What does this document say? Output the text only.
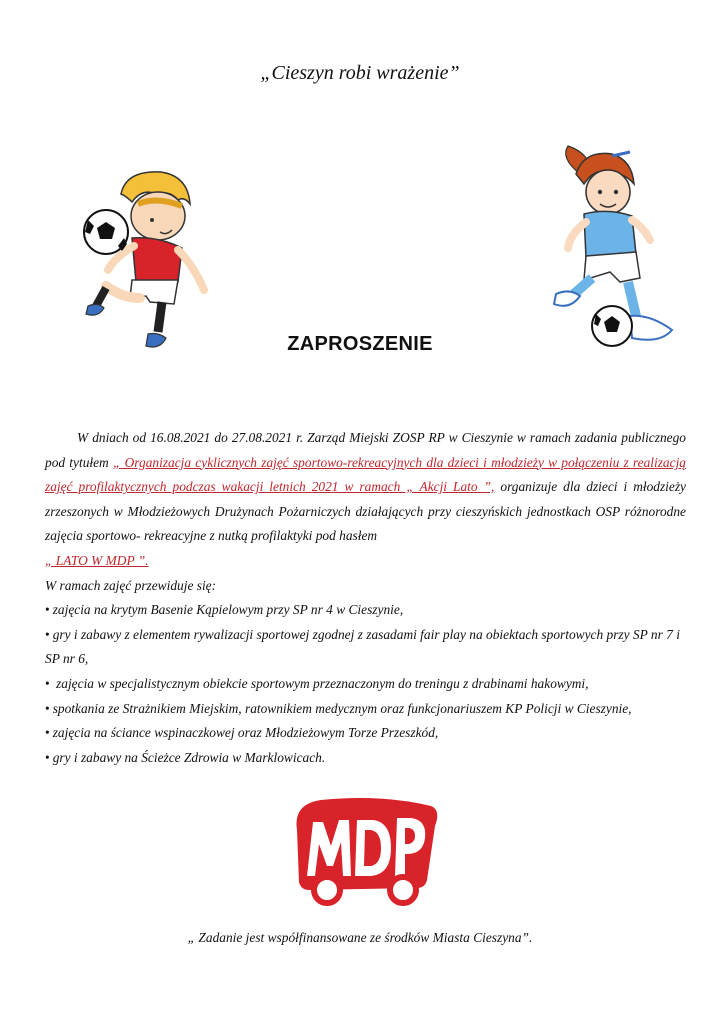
„Cieszyn robi wrażenie”
ZAPROSZENIE

W dniach od 16.08.2021 do 27.08.2021 r. Zarząd Miejski ZOSP RP w Cieszynie w ramach zadania publicznego pod tytułem „ Organizacja cyklicznych zajęć sportowo-rekreacyjnych dla dzieci i młodzieży w połączeniu z realizacją zajęć profilaktycznych podczas wakacji letnich 2021 w ramach „ Akcji Lato ”, organizuje dla dzieci i młodzieży zrzeszonych w Młodzieżowych Drużynach Pożarniczych działających przy cieszyńskich jednostkach OSP różnorodne zajęcia sportowo- rekreacyjne z nutką profilaktyki pod hasłem

„ LATO W MDP ”.

W ramach zajęć przewiduje się:

• zajęcia na krytym Basenie Kąpielowym przy SP nr 4 w Cieszynie,

• gry i zabawy z elementem rywalizacji sportowej zgodnej z zasadami fair play na obiektach sportowych przy SP nr 7 i SP nr 6,

• zajęcia w specjalistycznym obiekcie sportowym przeznaczonym do treningu z drabinami hakowymi,

• spotkania ze Strażnikiem Miejskim, ratownikiem medycznym oraz funkcjonariuszem KP Policji w Cieszynie,

• zajęcia na ściance wspinaczkowej oraz Młodzieżowym Torze Przeszkód,

• gry i zabawy na Ścieżce Zdrowia w Marklowicach.

„ Zadanie jest współfinansowane ze środków Miasta Cieszyna”.
